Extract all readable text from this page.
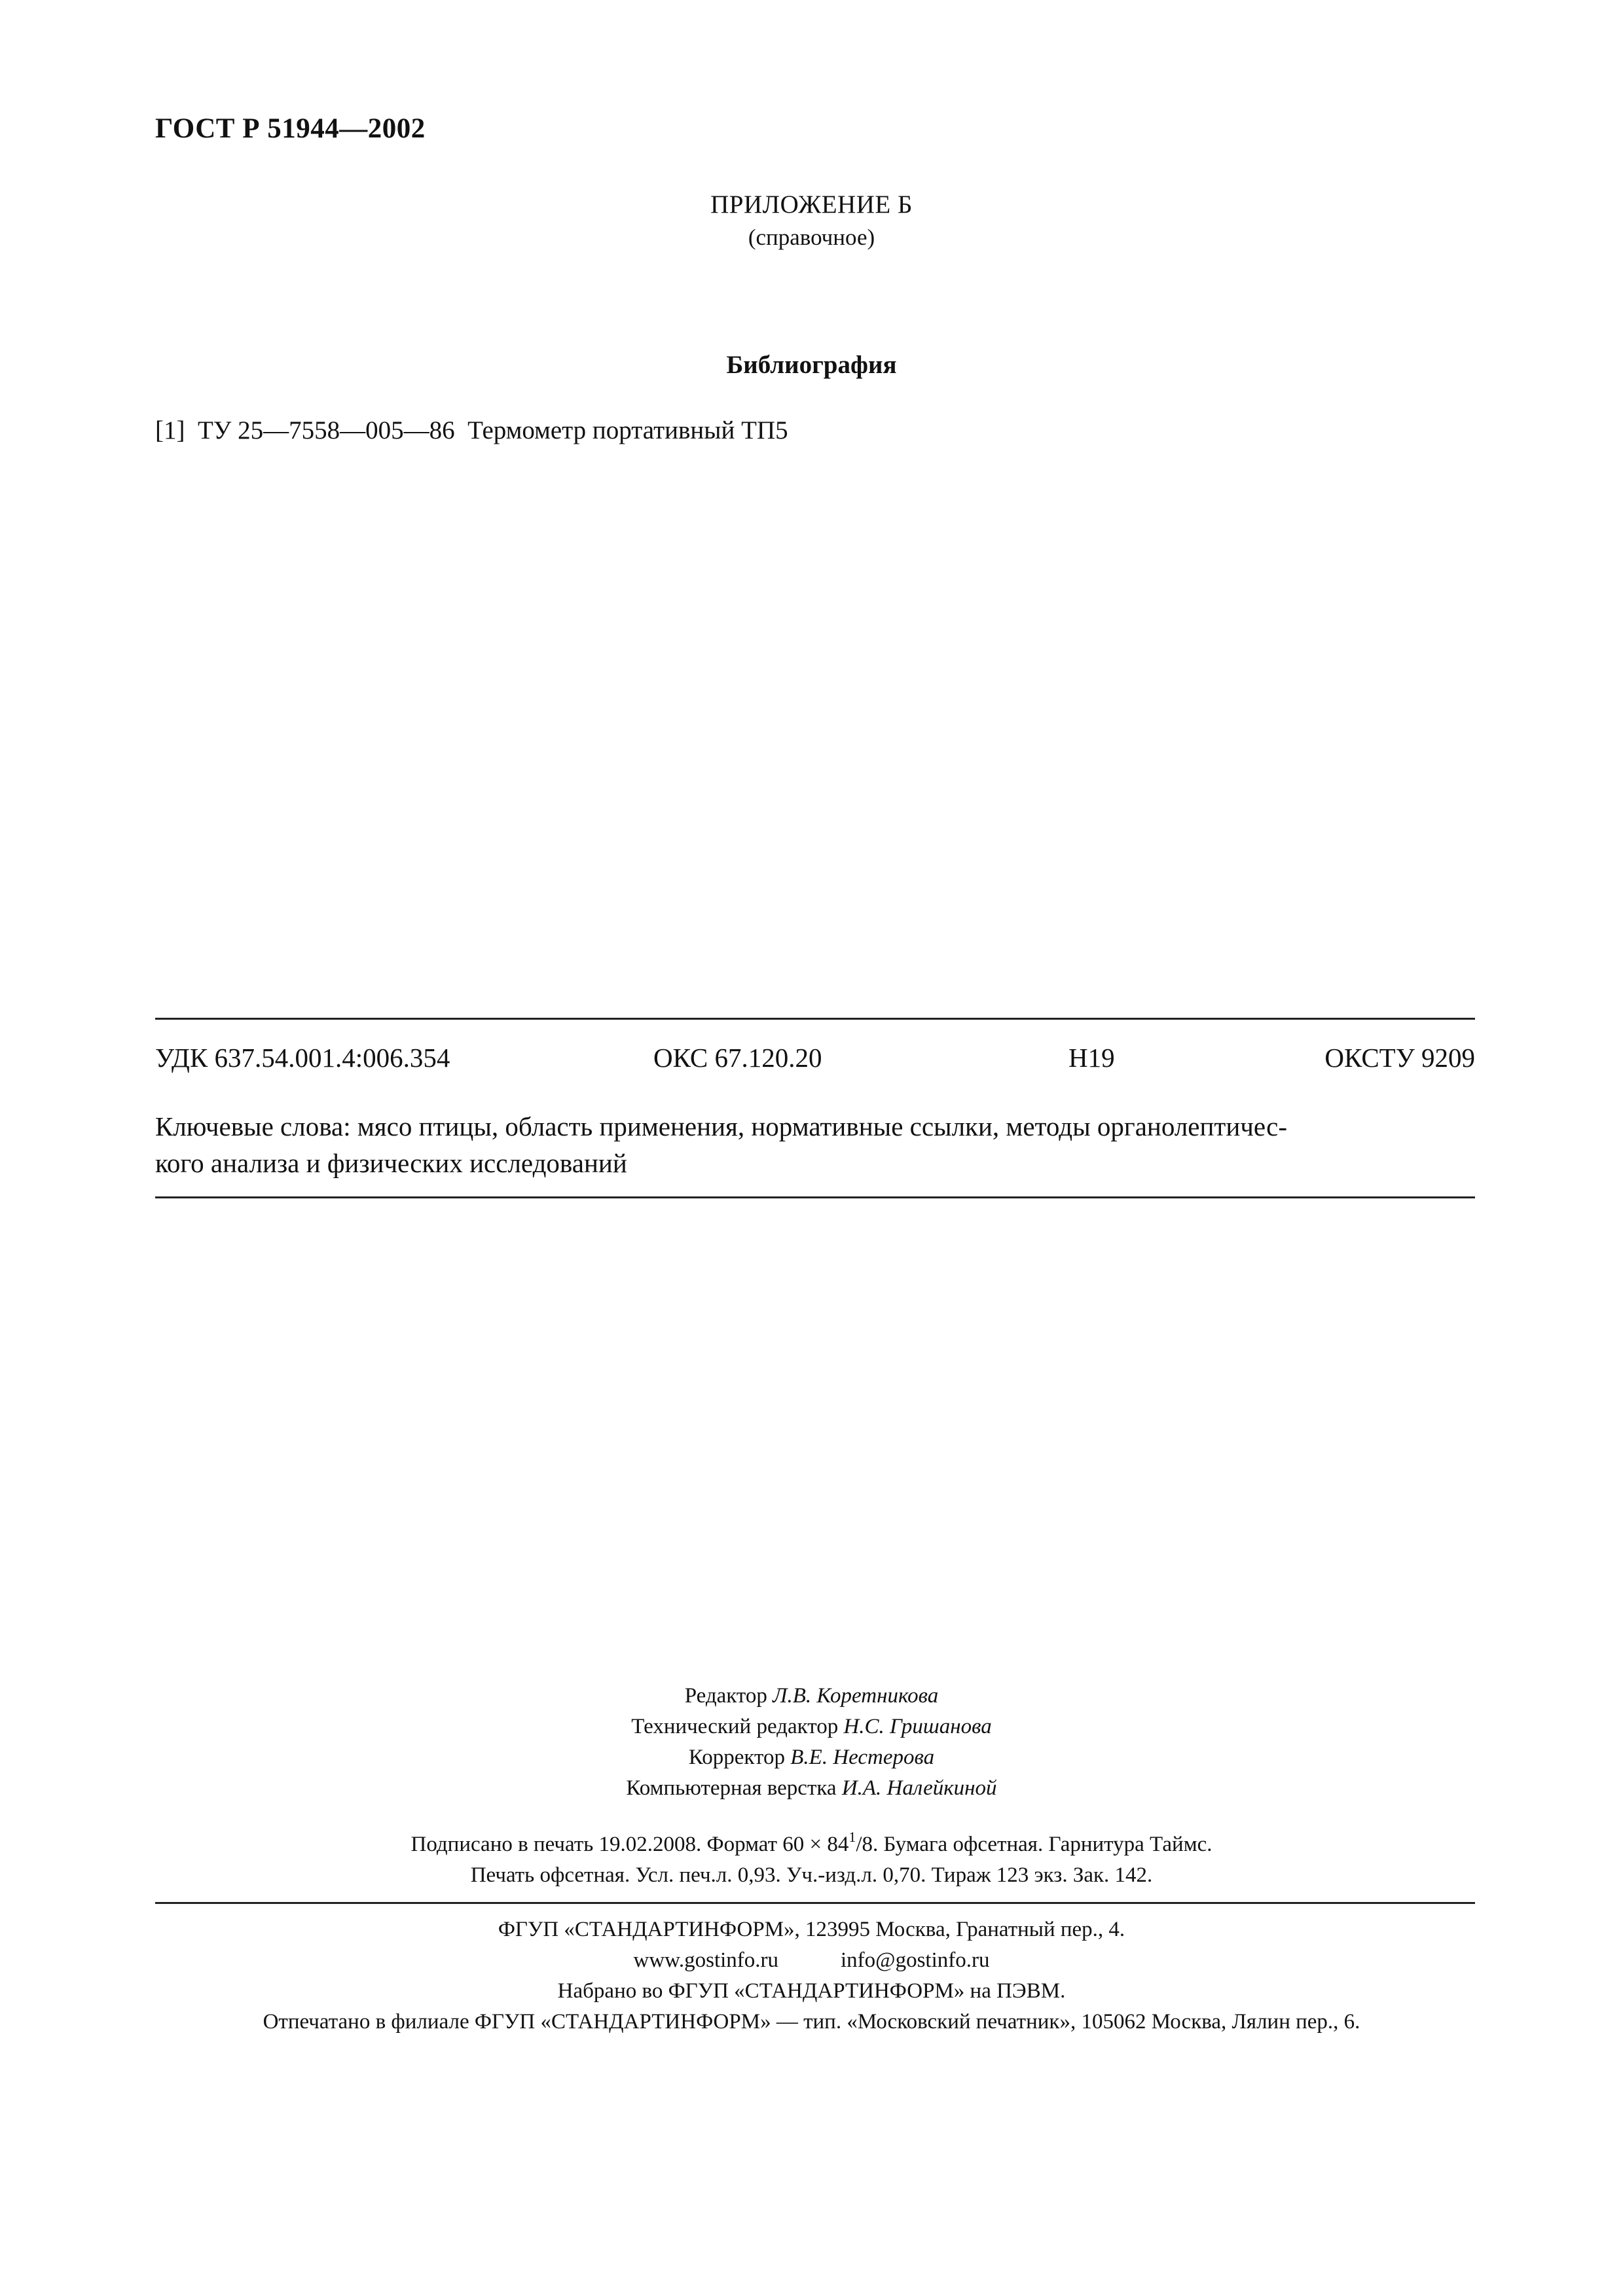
ГОСТ Р 51944—2002
ПРИЛОЖЕНИЕ Б
(справочное)
Библиография
[1]  ТУ 25—7558—005—86  Термометр портативный ТП5
УДК 637.54.001.4:006.354	ОКС 67.120.20	Н19	ОКСТУ 9209
Ключевые слова: мясо птицы, область применения, нормативные ссылки, методы органолептичес-
кого анализа и физических исследований
Редактор Л.В. Коретникова
Технический редактор Н.С. Гришанова
Корректор В.Е. Нестерова
Компьютерная верстка И.А. Налейкиной
Подписано в печать 19.02.2008. Формат $60 \times 84^1/8$. Бумага офсетная. Гарнитура Таймс.
Печать офсетная. Усл. печ.л. 0,93. Уч.-изд.л. 0,70. Тираж 123 экз. Зак. 142.
ФГУП «СТАНДАРТИНФОРМ», 123995 Москва, Гранатный пер., 4.
www.gostinfo.ru	info@gostinfo.ru
Набрано во ФГУП «СТАНДАРТИНФОРМ» на ПЭВМ.
Отпечатано в филиале ФГУП «СТАНДАРТИНФОРМ» — тип. «Московский печатник», 105062 Москва, Лялин пер., 6.
